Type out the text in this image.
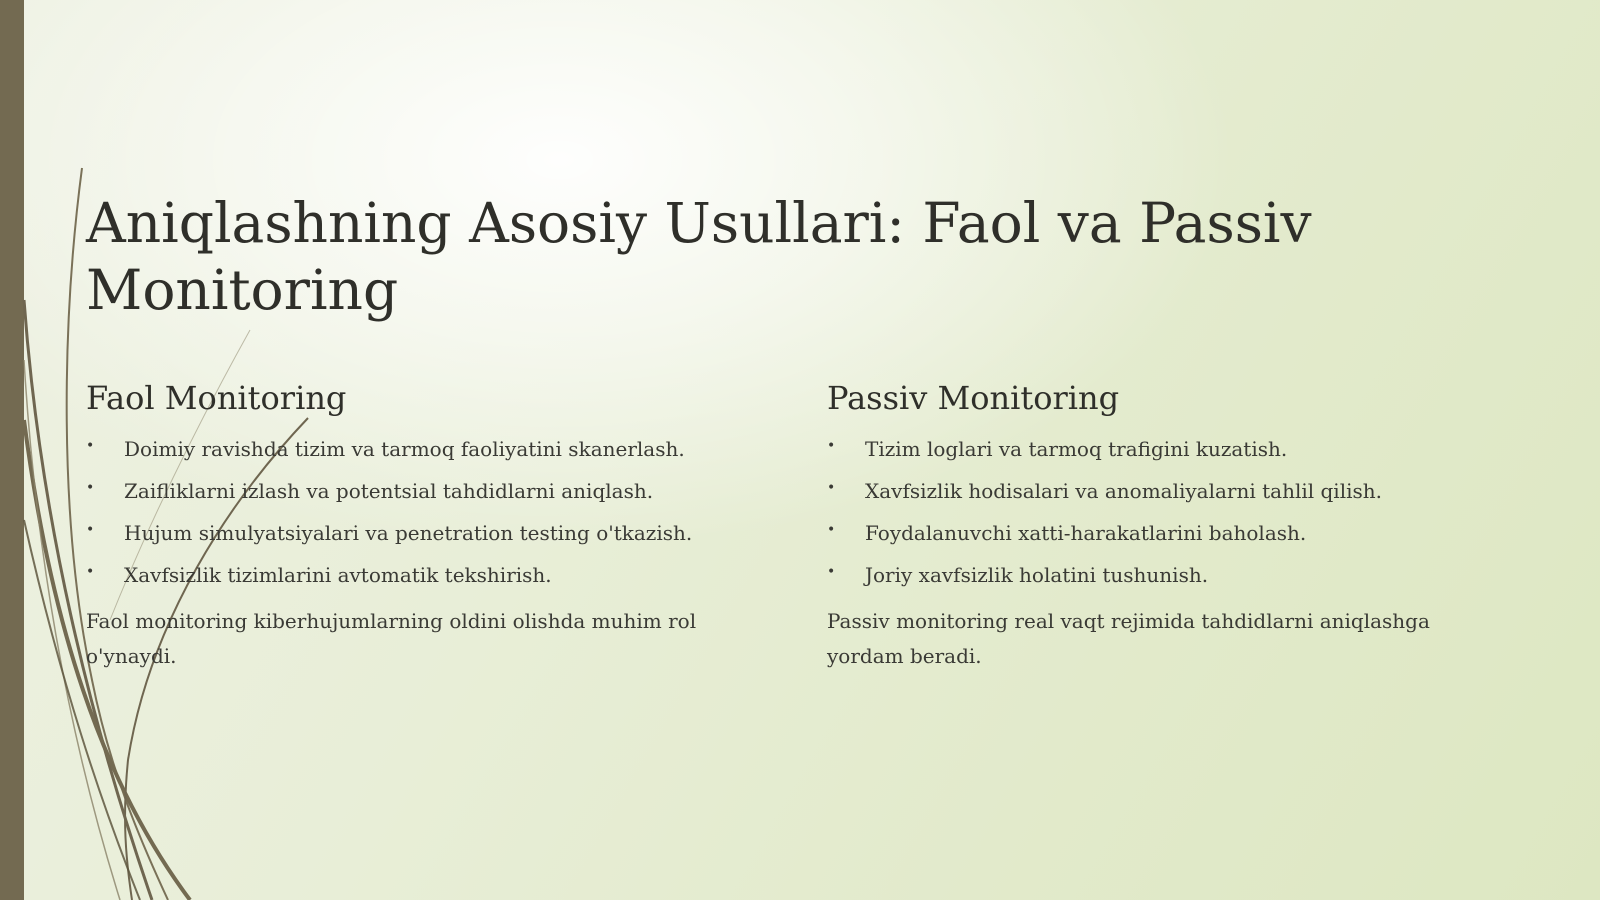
Aniqlashning Asosiy Usullari: Faol va Passiv Monitoring
Faol Monitoring
• Doimiy ravishda tizim va tarmoq faoliyatini skanerlash.
• Zaifliklarni izlash va potentsial tahdidlarni aniqlash.
• Hujum simulyatsiyalari va penetration testing o'tkazish.
• Xavfsizlik tizimlarini avtomatik tekshirish.

Faol monitoring kiberhujumlarning oldini olishda muhim rol o'ynaydi.

Passiv Monitoring
• Tizim loglari va tarmoq trafigini kuzatish.
• Xavfsizlik hodisalari va anomaliyalarni tahlil qilish.
• Foydalanuvchi xatti-harakatlarini baholash.
• Joriy xavfsizlik holatini tushunish.

Passiv monitoring real vaqt rejimida tahdidlarni aniqlashga yordam beradi.
